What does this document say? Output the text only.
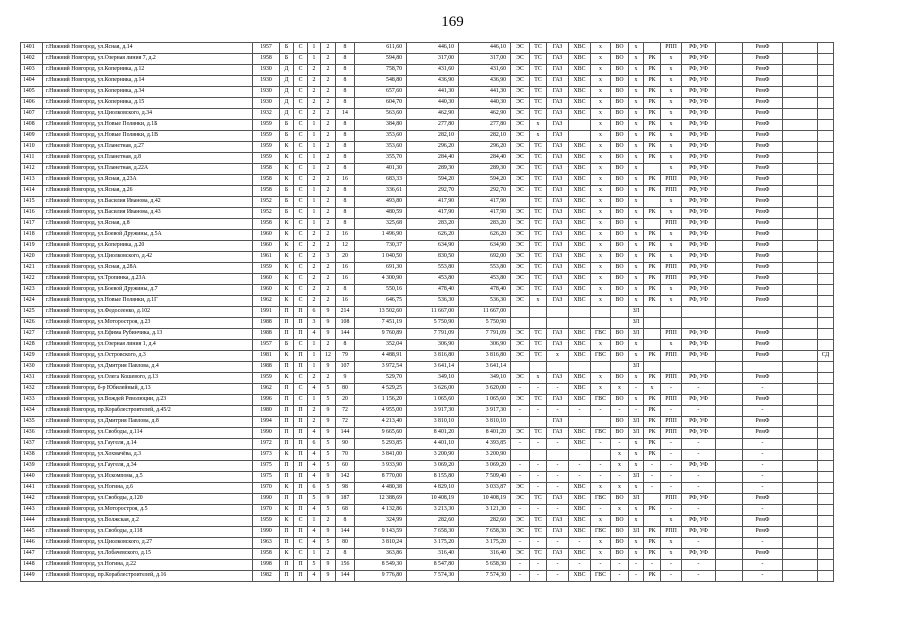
169
1401	г.Нижний Новгород, ул.Ясная, д.14	1957	Б	С	1	2	8	611,60	446,10	446,10	ЭС	ТС	ГАЗ	ХВС	х	ВО	х		РПП	РФ, УФ		РемФ		
1402	г.Нижний Новгород, ул.Озерная линия 7, д.2	1958	Б	С	1	2	8	594,80	317,00	317,00	ЭС	ТС	ГАЗ	ХВС	х	ВО	х	РК	х	РФ, УФ		РемФ		
1403	г.Нижний Новгород, ул.Коперника, д.12	1930	Д	С	2	2	8	758,70	431,60	431,60	ЭС	ТС	ГАЗ	ХВС	х	ВО	х	РК	х	РФ, УФ		РемФ		
1404	г.Нижний Новгород, ул.Коперника, д.14	1930	Д	С	2	2	8	548,80	436,90	436,90	ЭС	ТС	ГАЗ	ХВС	х	ВО	х	РК	х	РФ, УФ		РемФ		
1405	г.Нижний Новгород, ул.Коперника, д.34	1930	Д	С	2	2	8	657,60	441,30	441,30	ЭС	ТС	ГАЗ	ХВС	х	ВО	х	РК	х	РФ, УФ		РемФ		
1406	г.Нижний Новгород, ул.Коперника, д.15	1930	Д	С	2	2	8	604,70	440,30	440,30	ЭС	ТС	ГАЗ	ХВС	х	ВО	х	РК	х	РФ, УФ		РемФ		
1407	г.Нижний Новгород, ул.Циолковского, д.34	1932	Д	С	2	2	14	563,60	462,90	462,90	ЭС	ТС	ГАЗ	ХВС	х	ВО	х	РК	х	РФ, УФ		РемФ		
1408	г.Нижний Новгород, ул.Новые Полянки, д.1Б	1959	Б	С	1	2	8	384,80	277,80	277,80	ЭС	х	ГАЗ		х	ВО	х	РК	х	РФ, УФ		РемФ		
1409	г.Нижний Новгород, ул.Новые Полянки, д.1В	1959	Б	С	1	2	8	353,60	282,10	282,10	ЭС	х	ГАЗ		х	ВО	х	РК	х	РФ, УФ		РемФ		
1410	г.Нижний Новгород, ул.Планетная, д.27	1959	К	С	1	2	8	353,60	296,20	296,20	ЭС	ТС	ГАЗ	ХВС	х	ВО	х	РК	х	РФ, УФ		РемФ		
1411	г.Нижний Новгород, ул.Планетная, д.8	1959	К	С	1	2	8	355,70	284,40	284,40	ЭС	ТС	ГАЗ	ХВС	х	ВО	х	РК	х	РФ, УФ		РемФ		
1412	г.Нижний Новгород, ул.Планетная, д.22А	1958	К	С	1	2	8	401,30	289,30	289,30	ЭС	ТС	ГАЗ	ХВС	х	ВО	х		х	РФ, УФ		РемФ		
1413	г.Нижний Новгород, ул.Ясная, д.23А	1958	К	С	2	2	16	683,33	594,20	594,20	ЭС	ТС	ГАЗ	ХВС	х	ВО	х	РК	РПП	РФ, УФ		РемФ		
1414	г.Нижний Новгород, ул.Ясная, д.26	1958	Б	С	1	2	8	336,61	292,70	292,70	ЭС	ТС	ГАЗ	ХВС	х	ВО	х	РК	РПП	РФ, УФ		РемФ		
1415	г.Нижний Новгород, ул.Василия Иванова, д.42	1952	Б	С	1	2	8	493,80	417,90	417,90		ТС	ГАЗ	ХВС	х	ВО	х		х	РФ, УФ		РемФ		
1416	г.Нижний Новгород, ул.Василия Иванова, д.43	1952	Б	С	1	2	8	480,59	417,90	417,90	ЭС	ТС	ГАЗ	ХВС	х	ВО	х	РК	х	РФ, УФ		РемФ		
1417	г.Нижний Новгород, ул.Ясная, д.8	1958	К	С	1	2	8	325,68	283,20	283,20	ЭС	ТС	ГАЗ	ХВС	х	ВО	х		РПП	РФ, УФ		РемФ		
1418	г.Нижний Новгород, ул.Боевой Дружины, д.5А	1960	К	С	2	2	16	1 496,90	626,20	626,20	ЭС	ТС	ГАЗ	ХВС	х	ВО	х	РК	х	РФ, УФ		РемФ		
1419	г.Нижний Новгород, ул.Коперника, д.20	1960	К	С	2	2	12	730,37	634,90	634,90	ЭС	ТС	ГАЗ	ХВС	х	ВО	х	РК	х	РФ, УФ		РемФ		
1420	г.Нижний Новгород, ул.Циолковского, д.42	1961	К	С	2	3	20	1 040,50	830,50	692,00	ЭС	ТС	ГАЗ	ХВС	х	ВО	х	РК	х	РФ, УФ		РемФ		
1421	г.Нижний Новгород, ул.Ясная, д.28А	1959	К	С	2	2	16	691,30	553,80	553,80	ЭС	ТС	ГАЗ	ХВС	х	ВО	х	РК	РПП	РФ, УФ		РемФ		
1422	г.Нижний Новгород, ул.Тропинка, д.23А	1960	К	С	2	2	16	4 300,90	453,80	453,80	ЭС	ТС	ГАЗ	ХВС	х	ВО	х	РК	РПП	РФ, УФ		РемФ		
1423	г.Нижний Новгород, ул.Боевой Дружины, д.7	1960	К	С	2	2	8	550,16	478,40	478,40	ЭС	ТС	ГАЗ	ХВС	х	ВО	х	РК	х	РФ, УФ		РемФ		
1424	г.Нижний Новгород, ул.Новые Полянки, д.1Г	1962	К	С	2	2	16	646,75	536,30	536,30	ЭС	х	ГАЗ	ХВС	х	ВО	х	РК	х	РФ, УФ		РемФ		
1425	г.Нижний Новгород, ул.Федосеенко, д.102	1991	П	П	6	9	214	13 502,60	11 667,00	11 667,00							ЗЛ							
1426	г.Нижний Новгород, ул.Моторостроя, д.23	1988	П	П	3	9	108	7 451,19	5 750,90	5 750,90							ЗЛ							
1427	г.Нижний Новгород, ул.Ефима Рубинчика, д.13	1988	П	П	4	9	144	9 760,89	7 791,09	7 791,09	ЭС	ТС	ГАЗ	ХВС	ГВС	ВО	ЗЛ		РПП	РФ, УФ		РемФ		
1428	г.Нижний Новгород, ул.Озерная линия 1, д.4	1957	Б	С	1	2	8	352,04	306,90	306,90	ЭС	ТС	ГАЗ	ХВС	х	ВО	х		х	РФ, УФ		РемФ		
1429	г.Нижний Новгород, ул.Островского, д.3	1981	К	П	1	12	79	4 488,91	3 816,80	3 816,80	ЭС	ТС	х	ХВС	ГВС	ВО	х	РК	РПП	РФ, УФ		РемФ		СД
1430	г.Нижний Новгород, ул.Дмитрия Павлова, д.4	1988	П	П	1	9	107	3 972,54	3 641,14	3 641,14							ЗЛ							
1431	г.Нижний Новгород, ул.Олега Кошевого, д.13	1959	К	С	2	2	9	529,70	349,10	349,10	ЭС	х	ГАЗ	ХВС	х	ВО	х	РК	РПП	РФ, УФ		РемФ		
1432	г.Нижний Новгород, б-р Юбилейный, д.13	1962	П	С	4	5	80	4 529,25	3 626,00	3 620,00	-	-	-	ХВС	х	х	-	х	-	-		-		
1433	г.Нижний Новгород, ул.Вождей Революции, д.23	1996	П	С	1	5	20	1 156,20	1 065,60	1 065,60	ЭС	ТС	ГАЗ	ХВС	ГВС	ВО	х	РК	РПП	РФ, УФ		РемФ		
1434	г.Нижний Новгород, пр.Кораблестроителей, д.45/2	1980	П	П	2	9	72	4 955,00	3 917,30	3 917,30	-	-	-	-	-	-	-	РК	-	-		-		
1435	г.Нижний Новгород, ул.Дмитрия Павлова, д.8	1994	П	П	2	9	72	4 213,40	3 810,10	3 810,10			ГАЗ			ВО	ЗЛ	РК	РПП	РФ, УФ		РемФ		
1436	г.Нижний Новгород, ул.Свободы, д.114	1990	П	П	4	9	144	9 665,60	8 401,20	8 401,20	ЭС	ТС	ГАЗ	ХВС	ГВС	ВО	ЗЛ	РК	РПП	РФ, УФ		РемФ		
1437	г.Нижний Новгород, ул.Гаугеля, д.14	1972	П	П	6	5	90	5 293,85	4 401,10	4 393,85	-	-	-	ХВС	-	-	х	РК	-	-		-		
1438	г.Нижний Новгород, ул.Хохмачёва, д.3	1973	К	П	4	5	70	3 841,00	3 200,90	3 200,90						х	х	РК	-	-		-		
1439	г.Нижний Новгород, ул.Гаугеля, д.34	1975	П	П	4	5	60	3 933,90	3 069,20	3 069,20	-	-	-	-	-	х	х	-	-	РФ, УФ		-		
1440	г.Нижний Новгород, ул.Искомпома, д.5	1975	П	П	4	9	142	8 770,00	8 155,80	7 509,40	-	-	-	-	-	-	ЗЛ	-	-	-		-		
1441	г.Нижний Новгород, ул.Ногина, д.6	1970	К	П	6	5	98	4 480,38	4 829,10	3 033,87	ЭС	-	-	ХВС	х	х	х	-	-	-		-		
1442	г.Нижний Новгород, ул.Свободы, д.120	1990	П	П	5	9	187	12 388,69	10 408,19	10 408,19	ЭС	ТС	ГАЗ	ХВС	ГВС	ВО	ЗЛ		РПП	РФ, УФ		РемФ		
1443	г.Нижний Новгород, ул.Моторостроя, д.5	1970	К	П	4	5	68	4 132,86	3 213,30	3 121,30	-	-	-	ХВС	-	х	х	РК	-	-		-		
1444	г.Нижний Новгород, ул.Волжская, д.2	1959	К	С	1	2	8	324,99	282,60	282,60	ЭС	ТС	ГАЗ	ХВС	х	ВО	х		х	РФ, УФ		РемФ		
1445	г.Нижний Новгород, ул.Свободы, д.118	1990	П	П	4	9	144	9 143,59	7 658,30	7 658,30	ЭС	ТС	ГАЗ	ХВС	ГВС	ВО	ЗЛ	РК	РПП	РФ, УФ		РемФ		
1446	г.Нижний Новгород, ул.Циолковского, д.27	1963	П	С	4	5	80	3 810,24	3 175,20	3 175,20	-	-	-	-	х	ВО	х	РК	х	-		-		
1447	г.Нижний Новгород, ул.Лобачевского, д.15	1958	К	С	1	2	8	363,86	316,40	316,40	ЭС	ТС	ГАЗ	ХВС	х	ВО	х	РК	х	РФ, УФ		РемФ		
1448	г.Нижний Новгород, ул.Ногина, д.22	1998	П	П	5	9	156	8 549,30	8 547,80	5 658,30	-	-	-	-	-	-	-	-	-	-		-		
1449	г.Нижний Новгород, пр.Кораблестроителей, д.16	1982	П	П	4	9	144	9 776,80	7 574,30	7 574,30	-	-	-	ХВС	ГВС	-	-	РК	-	-		-		
